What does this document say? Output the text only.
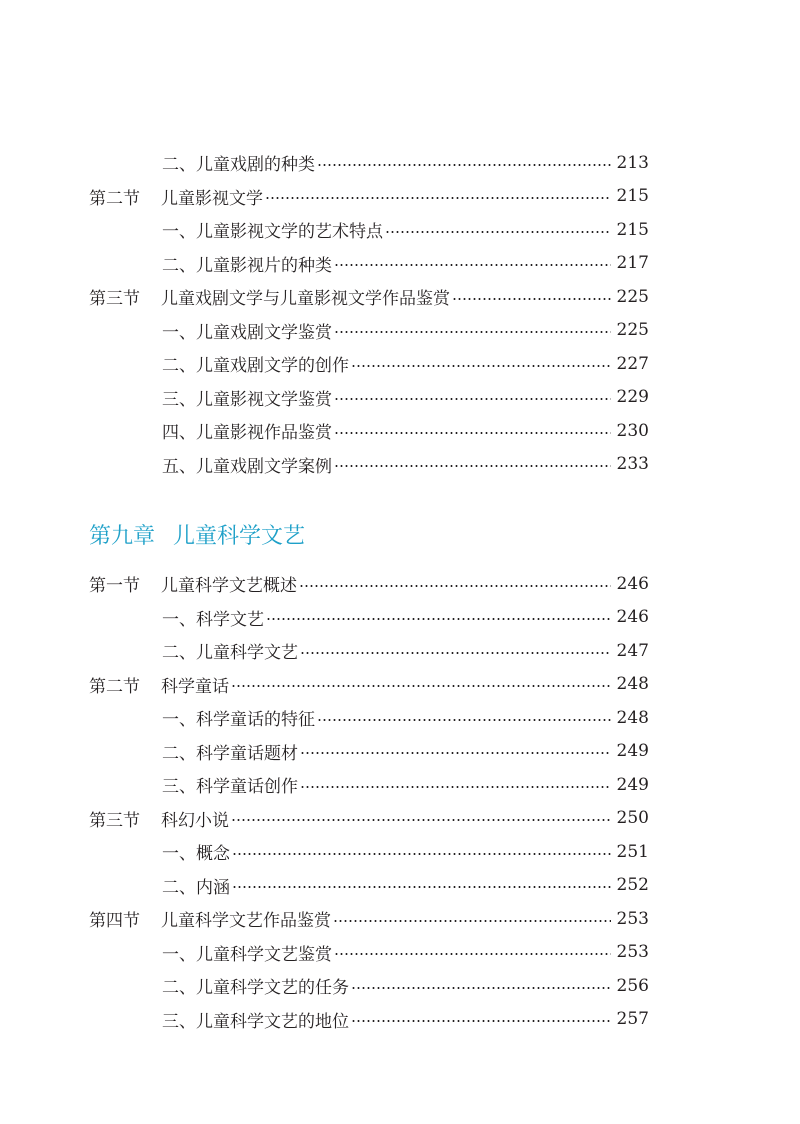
二、儿童戏剧的种类	213
第二节	儿童影视文学	215
一、儿童影视文学的艺术特点	215
二、儿童影视片的种类	217
第三节	儿童戏剧文学与儿童影视文学作品鉴赏	225
一、儿童戏剧文学鉴赏	225
二、儿童戏剧文学的创作	227
三、儿童影视文学鉴赏	229
四、儿童影视作品鉴赏	230
五、儿童戏剧文学案例	233
第九章 儿童科学文艺
第一节	儿童科学文艺概述	246
一、科学文艺	246
二、儿童科学文艺	247
第二节	科学童话	248
一、科学童话的特征	248
二、科学童话题材	249
三、科学童话创作	249
第三节	科幻小说	250
一、概念	251
二、内涵	252
第四节	儿童科学文艺作品鉴赏	253
一、儿童科学文艺鉴赏	253
二、儿童科学文艺的任务	256
三、儿童科学文艺的地位	257
